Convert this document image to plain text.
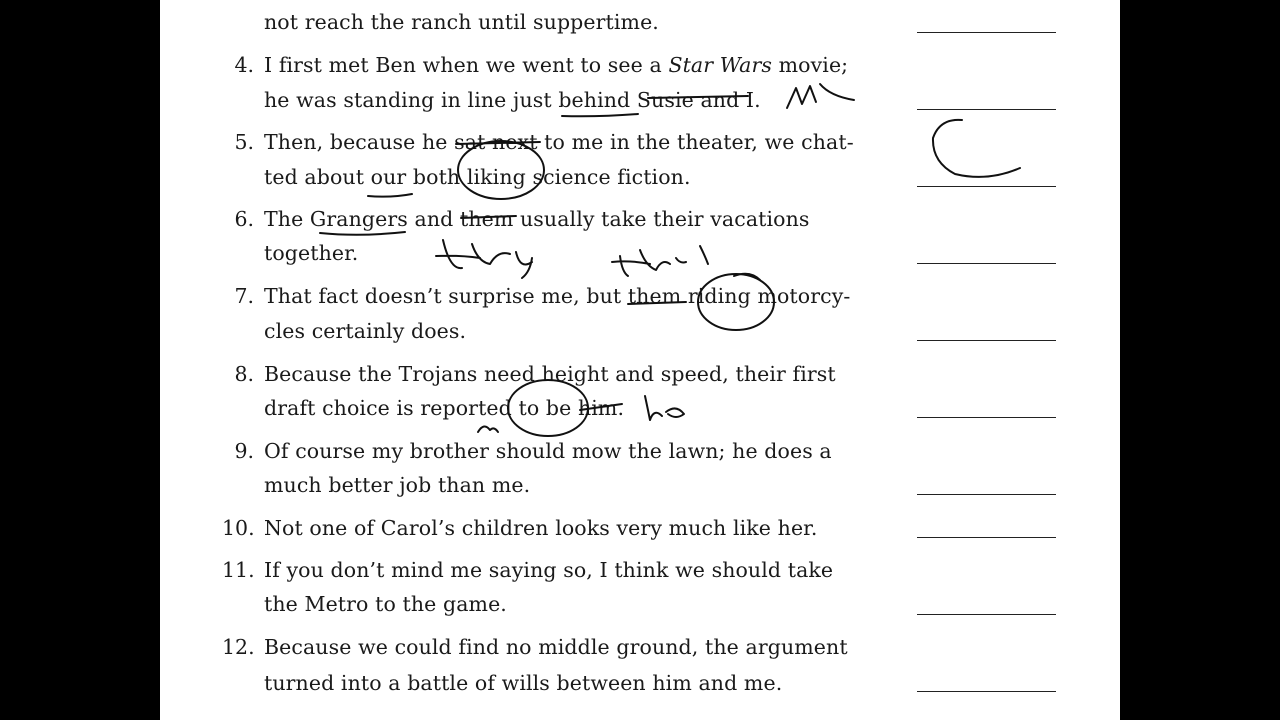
not reach the ranch until suppertime.
4. I first met Ben when we went to see a Star Wars movie;
he was standing in line just behind Susie and I.
5. Then, because he sat next to me in the theater, we chat-
ted about our both liking science fiction.
6. The Grangers and them usually take their vacations
together.
7. That fact doesn’t surprise me, but them riding motorcy-
cles certainly does.
8. Because the Trojans need height and speed, their first
draft choice is reported to be him.
9. Of course my brother should mow the lawn; he does a
much better job than me.
10. Not one of Carol’s children looks very much like her.
11. If you don’t mind me saying so, I think we should take
the Metro to the game.
12. Because we could find no middle ground, the argument
turned into a battle of wills between him and me.
